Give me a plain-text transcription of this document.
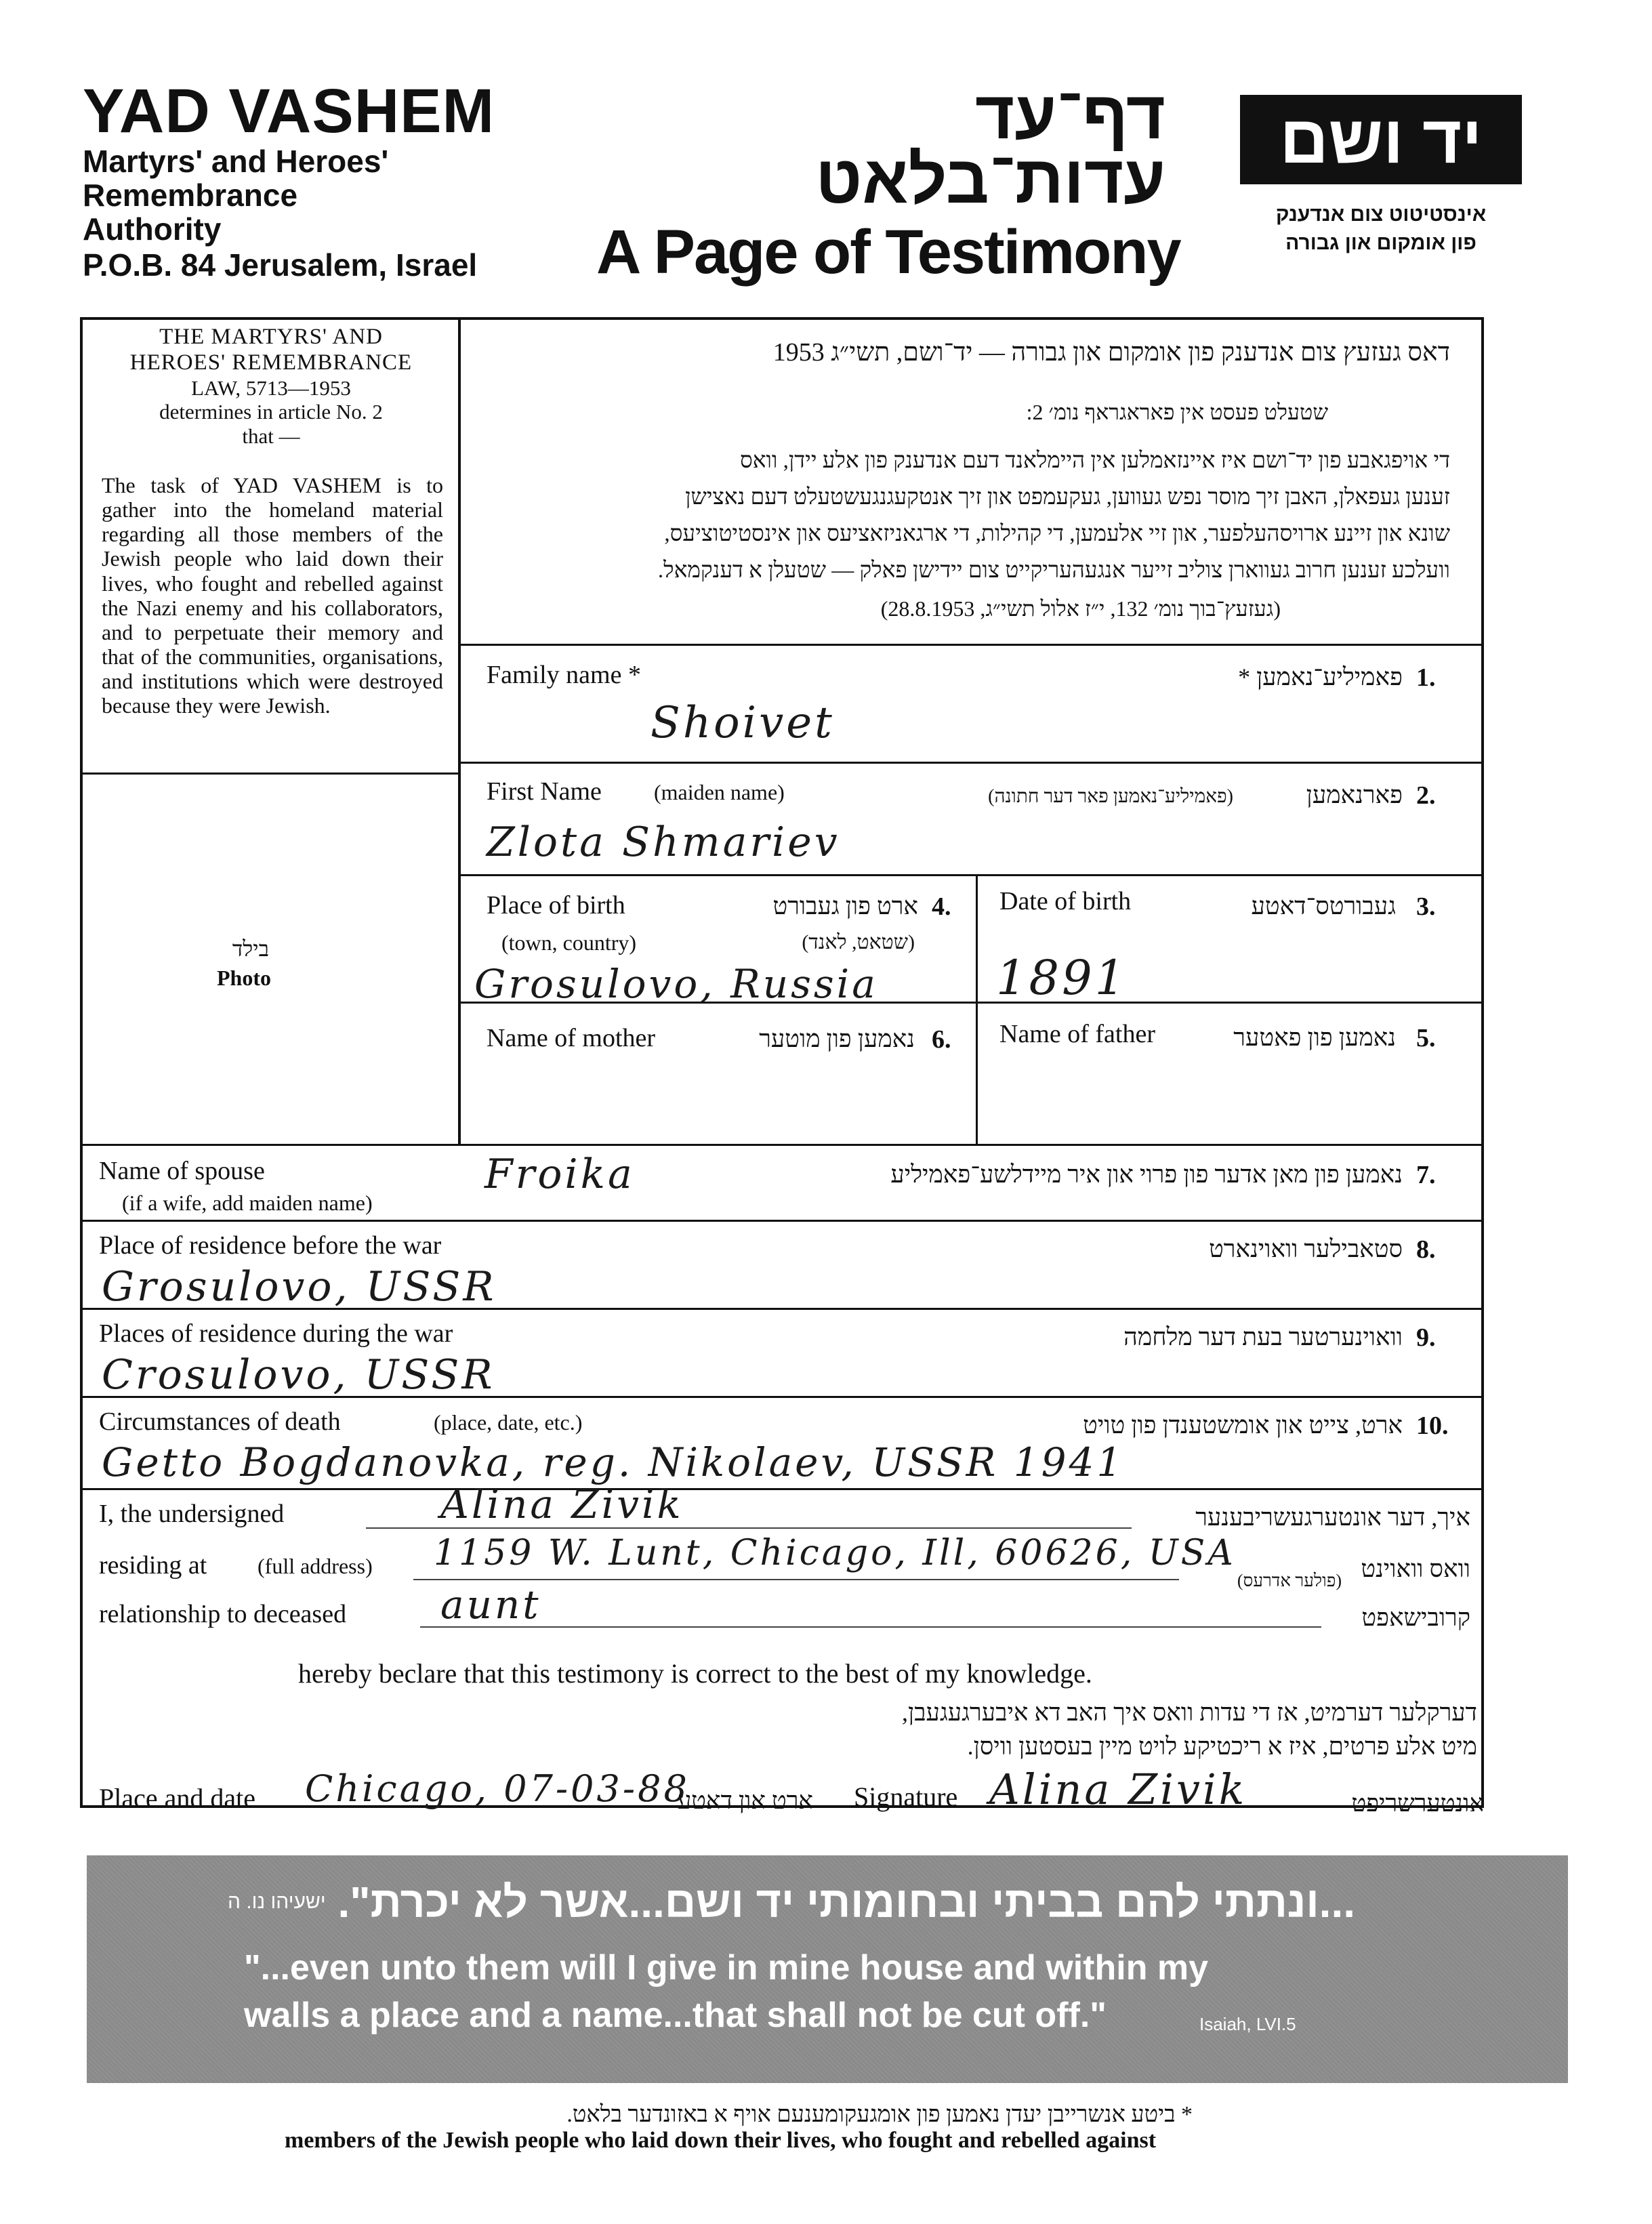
YAD VASHEM
Martyrs' and Heroes'
Remembrance
Authority
P.O.B. 84 Jerusalem, Israel
דף־עד
עדות־בלאט
A Page of Testimony
יד ושם
אינסטיטוט צום אנדענק
פון אומקום און גבורה
THE MARTYRS' AND
HEROES' REMEMBRANCE
LAW, 5713—1953
determines in article No. 2
that —
The task of YAD VASHEM is to gather into the homeland material regarding all those members of the Jewish people who laid down their lives, who fought and rebelled against the Nazi enemy and his collaborators, and to perpetuate their memory and that of the communities, organisations, and institutions which were destroyed because they were Jewish.
דאס געזעץ צום אנדענק פון אומקום און גבורה — יד־ושם, תשי״ג 1953
שטעלט פעסט אין פאראגראף נומ׳ 2:
די אויפגאבע פון יד־ושם איז איינזאמלען אין היימלאנד דעם אנדענק פון אלע יידן, וואס
זענען געפאלן, האבן זיך מוסר נפש געווען, געקעמפט און זיך אנטקעגנגעשטעלט דעם נאצישן
שונא און זיינע ארויסהעלפער, און זיי אלעמען, די קהילות, די ארגאניזאציעס און אינסטיטוציעס,
וועלכע זענען חרוב געווארן צוליב זייער אנגעהעריקייט צום יידישן פאלק — שטעלן א דענקמאל.
(געזעץ־בוך נומ׳ 132, י״ז אלול תשי״ג, 28.8.1953)
בילד
Photo
Family name *	פאמיליע־נאמען * 1.
Shoivet
First Name (maiden name)	(פאמיליע־נאמען פאר דער חתונה)	פארנאמען 2.
Zlota Shmariev
Place of birth	ארט פון געבורט 4.
(town, country)	(שטאט, לאנד)
Grosulovo, Russia
Date of birth	געבורטס־דאטע 3.
1891
Name of mother	נאמען פון מוטער 6. Name of father	נאמען פון פאטער 5.
Name of spouse
(if a wife, add maiden name)
Froika	נאמען פון מאן אדער פון פרוי און איר מיידלשע־פאמיליע 7.
Place of residence before the war	סטאבילער וואוינארט 8.
Grosulovo, USSR
Places of residence during the war	וואוינערטער בעת דער מלחמה 9.
Crosulovo, USSR
Circumstances of death	(place, date, etc.)	ארט, צייט און אומשטענדן פון טויט 10.
Getto Bogdanovka, reg. Nikolaev, USSR 1941
I, the undersigned	Alina Zivik	איך, דער אונטערגעשריבענער
residing at (full address) 1159 W. Lunt, Chicago, Ill, 60626, USA
(פולער אדרעס) וואס וואוינט
relationship to deceased aunt	קרובישאפט
hereby beclare that this testimony is correct to the best of my knowledge.
דערקלער דערמיט, אז די עדות וואס איך האב דא איבערגעגעבן,
מיט אלע פרטים, איז א ריכטיקע לויט מיין בעסטען וויסן.
Place and date Chicago, 07-03-88
ארט און דאטע Signature Alina Zivik	אונטערשריפט
ישעיהו נו. ה ...ונתתי להם בביתי ובחומותי יד ושם...אשר לא יכרת".
"...even unto them will I give in mine house and within my
walls a place and a name...that shall not be cut off."	Isaiah, LVI.5
* ביטע אנשרייבן יעדן נאמען פון אומגעקומענעם אויף א באזונדער בלאט.
members of the Jewish people who laid down their lives, who fought and rebelled against
